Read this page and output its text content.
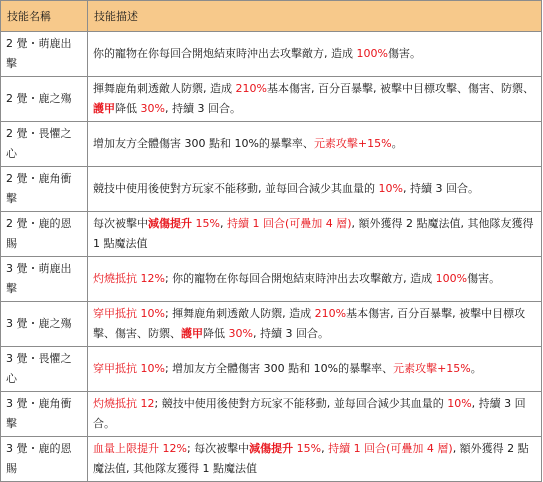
技能名稱	技能描述
2 覺・萌鹿出擊	你的寵物在你每回合開炮結束時沖出去攻擊敵方, 造成 100%傷害。
2 覺・鹿之殤	揮舞鹿角刺透敵人防禦, 造成 210%基本傷害, 百分百暴擊, 被擊中目標攻擊、傷害、防禦、護甲降低 30%, 持續 3 回合。
2 覺・畏懼之心	增加友方全體傷害 300 點和 10%的暴擊率、元素攻擊+15%。
2 覺・鹿角衝擊	競技中使用後使對方玩家不能移動, 並每回合減少其血量的 10%, 持續 3 回合。
2 覺・鹿的恩賜	每次被擊中減傷提升 15%, 持續 1 回合(可疊加 4 層), 額外獲得 2 點魔法值, 其他隊友獲得 1 點魔法值
3 覺・萌鹿出擊	灼燒抵抗 12%; 你的寵物在你每回合開炮結束時沖出去攻擊敵方, 造成 100%傷害。
3 覺・鹿之殤	穿甲抵抗 10%; 揮舞鹿角刺透敵人防禦, 造成 210%基本傷害, 百分百暴擊, 被擊中目標攻擊、傷害、防禦、護甲降低 30%, 持續 3 回合。
3 覺・畏懼之心	穿甲抵抗 10%; 增加友方全體傷害 300 點和 10%的暴擊率、元素攻擊+15%。
3 覺・鹿角衝擊	灼燒抵抗 12; 競技中使用後使對方玩家不能移動, 並每回合減少其血量的 10%, 持續 3 回合。
3 覺・鹿的恩賜	血量上限提升 12%; 每次被擊中減傷提升 15%, 持續 1 回合(可疊加 4 層), 額外獲得 2 點魔法值, 其他隊友獲得 1 點魔法值
